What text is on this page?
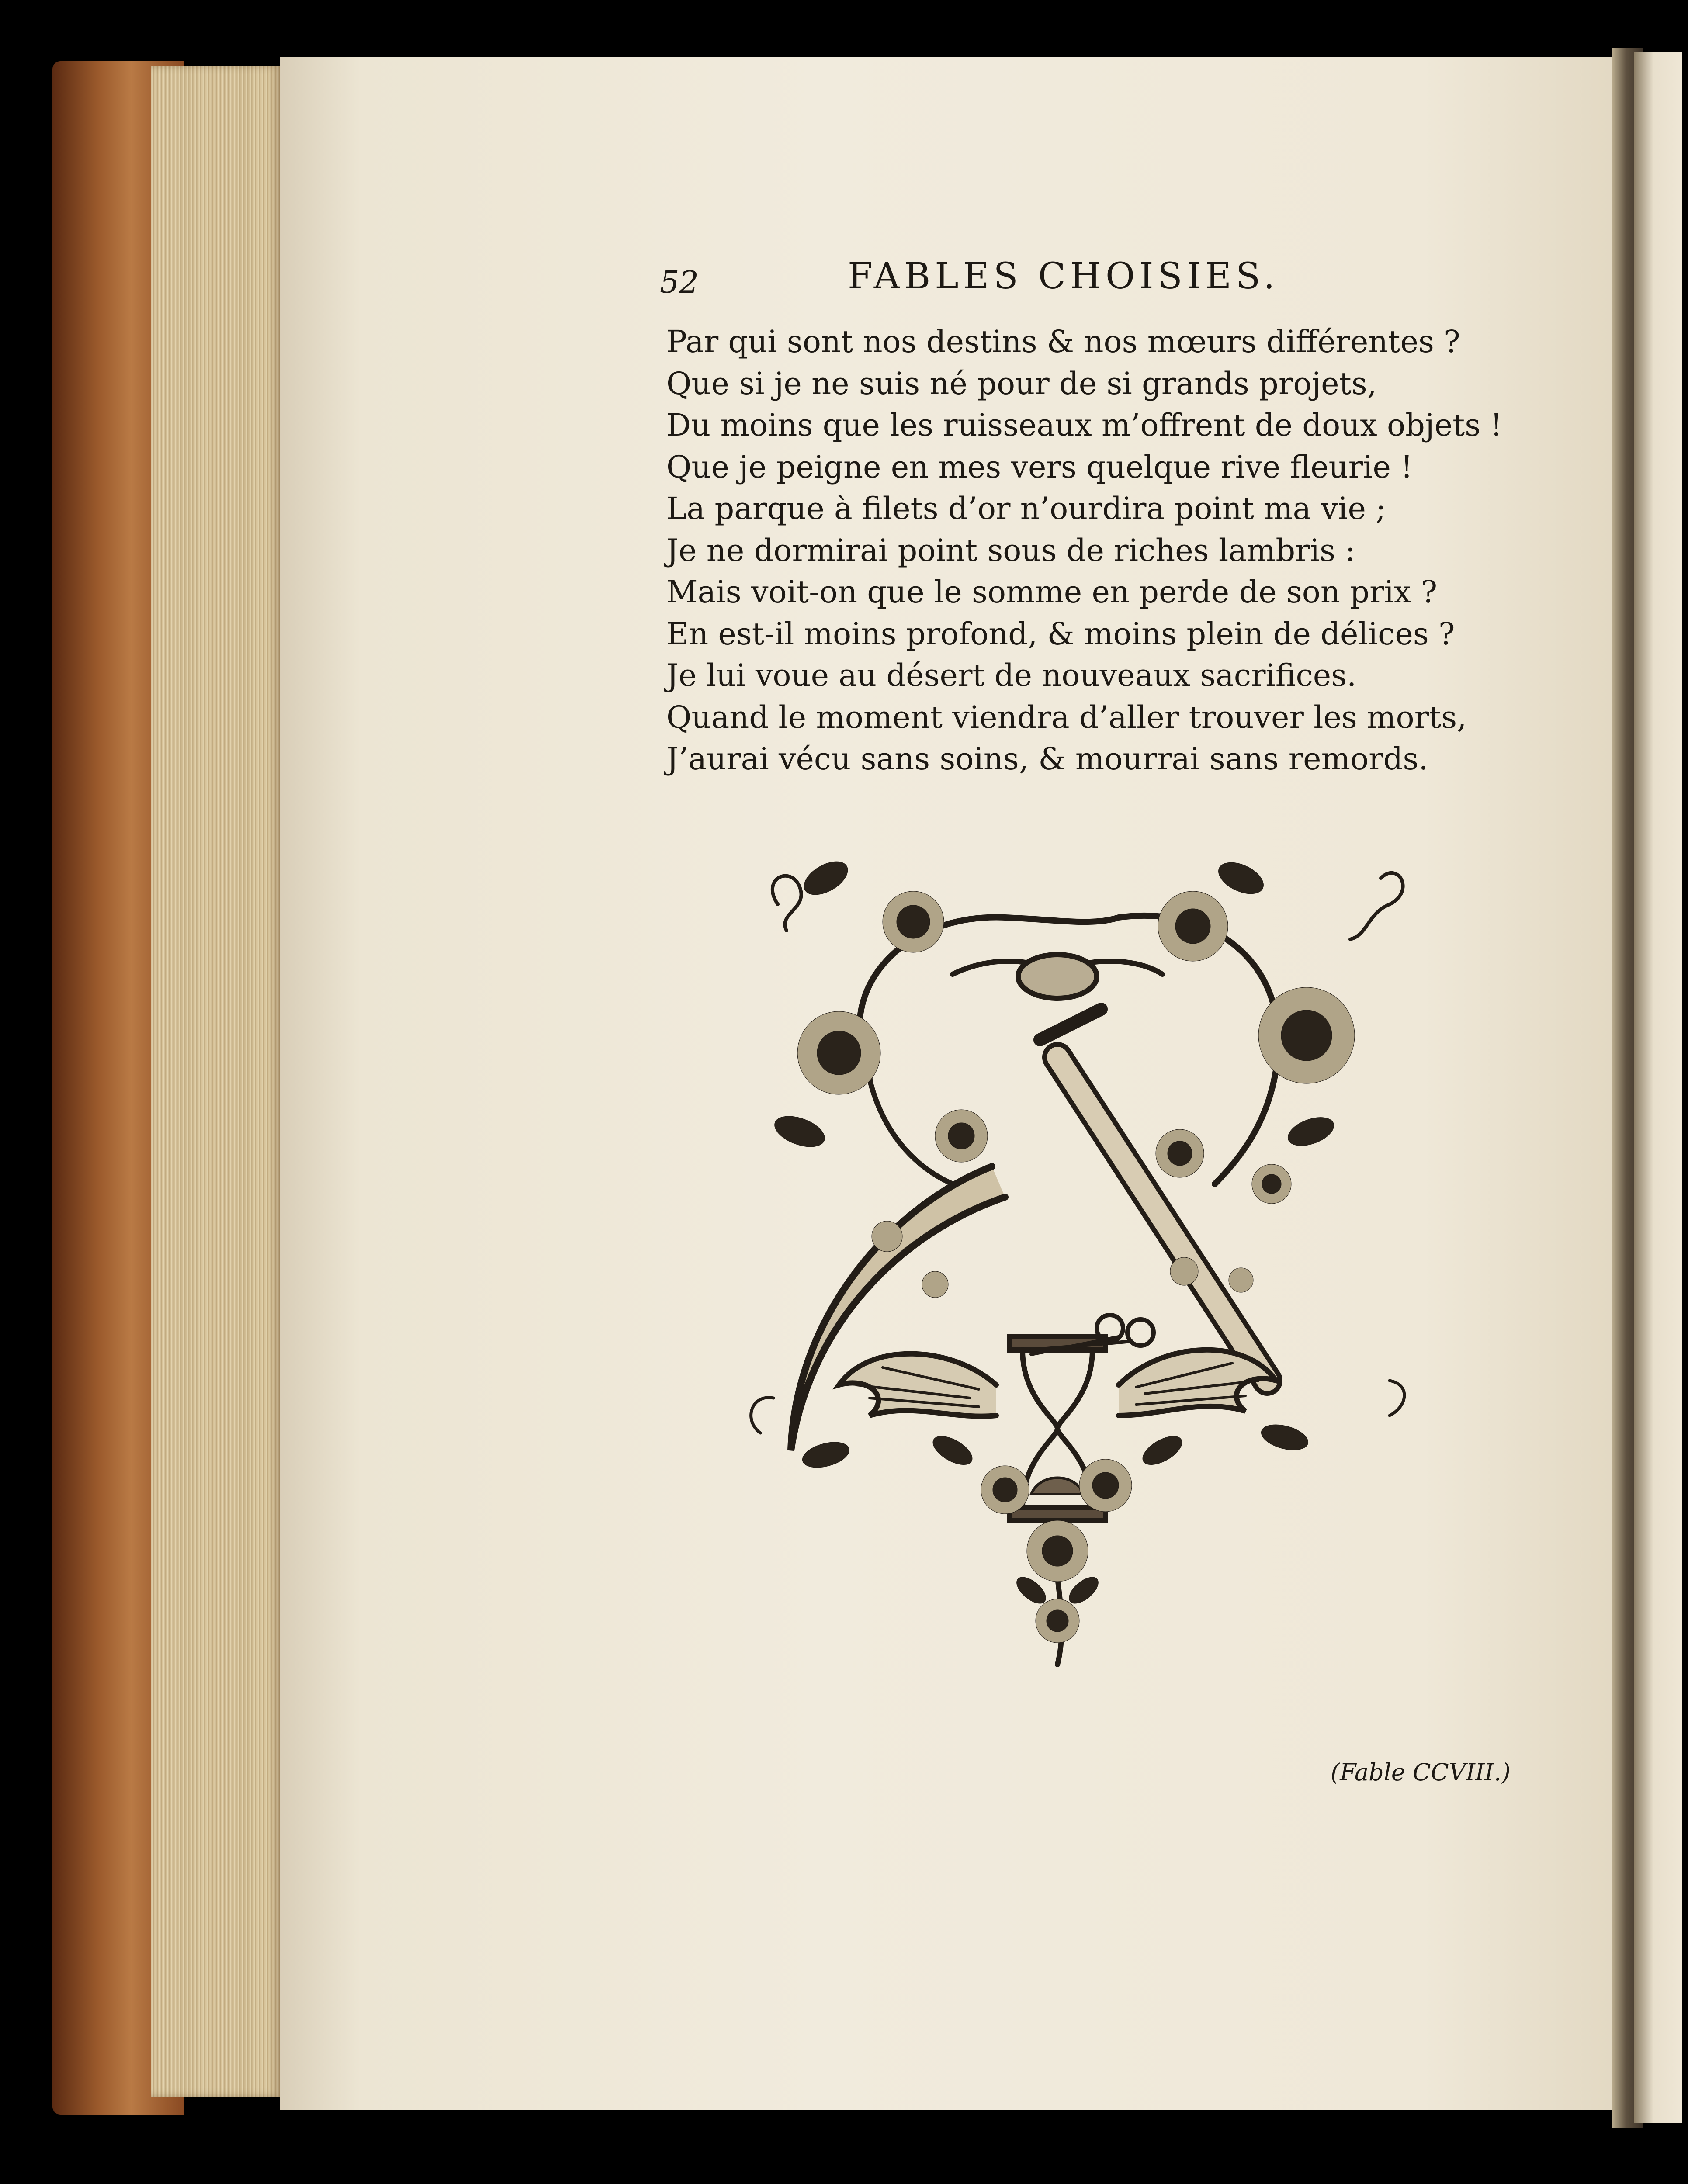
52	FABLES CHOISIES.
Par qui sont nos destins & nos mœurs différentes ?
Que si je ne suis né pour de si grands projets,
Du moins que les ruisseaux m’offrent de doux objets !
Que je peigne en mes vers quelque rive fleurie !
La parque à filets d’or n’ourdira point ma vie ;
Je ne dormirai point sous de riches lambris :
Mais voit-on que le somme en perde de son prix ?
En est-il moins profond, & moins plein de délices ?
Je lui voue au désert de nouveaux sacrifices.
Quand le moment viendra d’aller trouver les morts,
J’aurai vécu sans soins, & mourrai sans remords.
(Fable CCVIII.)
